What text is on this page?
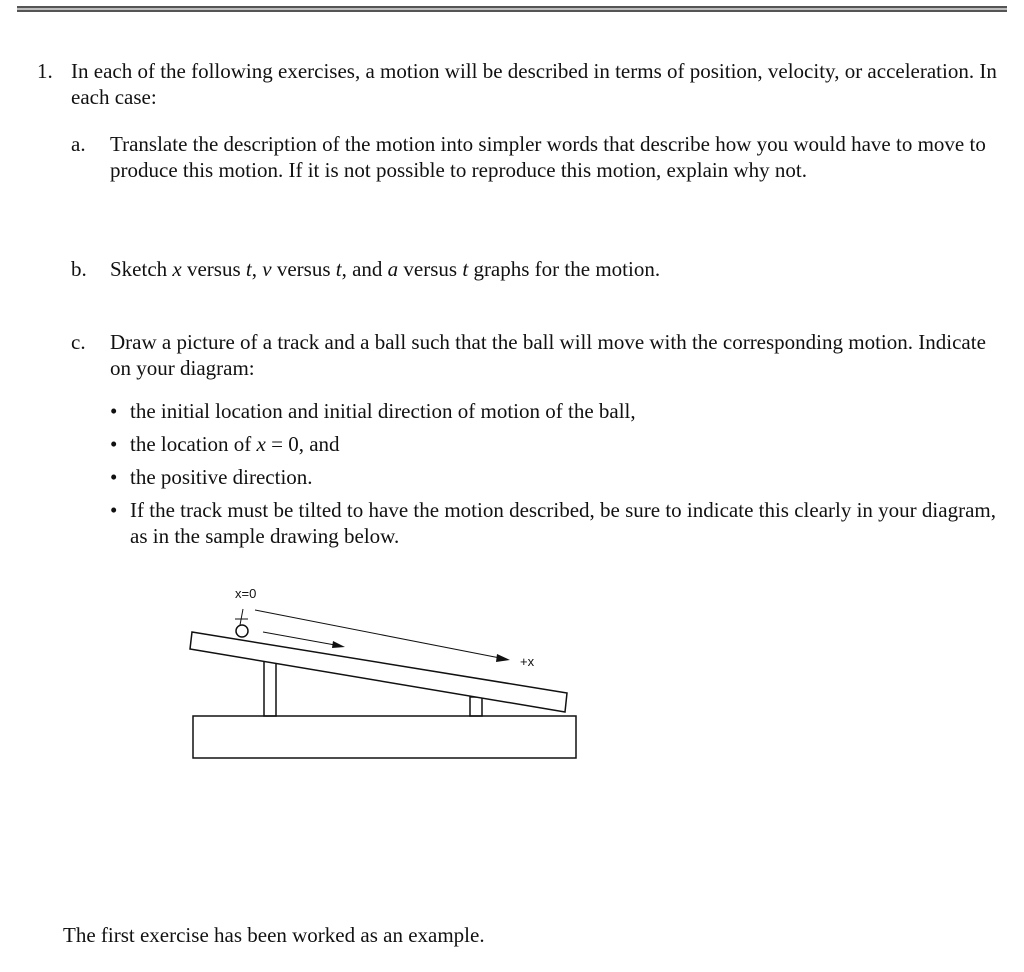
1. In each of the following exercises, a motion will be described in terms of position, velocity, or acceleration. In each case:
a. Translate the description of the motion into simpler words that describe how you would have to move to produce this motion. If it is not possible to reproduce this motion, explain why not.
b. Sketch x versus t, v versus t, and a versus t graphs for the motion.
c. Draw a picture of a track and a ball such that the ball will move with the corresponding motion. Indicate on your diagram:
• the initial location and initial direction of motion of the ball,
• the location of x = 0, and
• the positive direction.
• If the track must be tilted to have the motion described, be sure to indicate this clearly in your diagram, as in the sample drawing below.
x=0
+x
The first exercise has been worked as an example.
